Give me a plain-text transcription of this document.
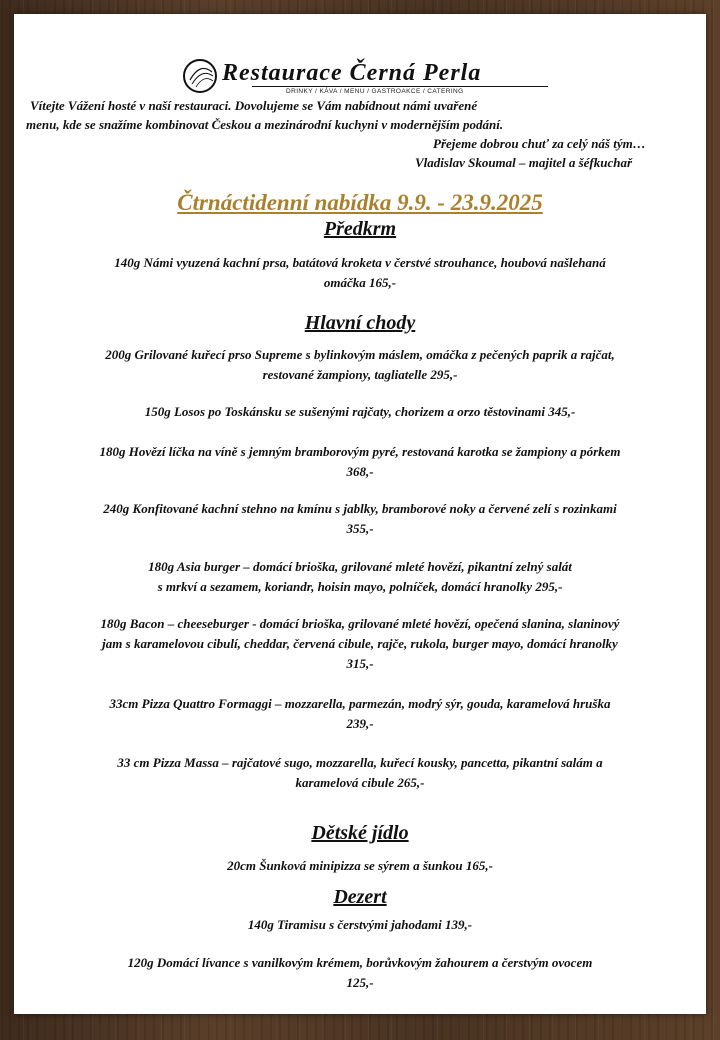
Restaurace Černá Perla
DRINKY / KÁVA / MENU / GASTROAKCE / CATERING
Vítejte Vážení hosté v naší restauraci. Dovolujeme se Vám nabídnout námi uvařené
menu, kde se snažíme kombinovat Českou a mezinárodní kuchyni v modernějším podání.
Přejeme dobrou chuť za celý náš tým…
Vladislav Skoumal – majitel a šéfkuchař
Čtrnáctidenní nabídka 9.9. - 23.9.2025
Předkrm
140g Námi vyuzená kachní prsa, batátová kroketa v čerstvé strouhance, houbová našlehaná
omáčka 165,-
Hlavní chody
200g Grilované kuřecí prso Supreme s bylinkovým máslem, omáčka z pečených paprik a rajčat,
restované žampiony, tagliatelle 295,-
150g Losos po Toskánsku se sušenými rajčaty, chorizem a orzo těstovinami 345,-
180g Hovězí líčka na víně s jemným bramborovým pyré, restovaná karotka se žampiony a pórkem
368,-
240g Konfitované kachní stehno na kmínu s jablky, bramborové noky a červené zelí s rozinkami
355,-
180g Asia burger – domácí brioška, grilované mleté hovězí, pikantní zelný salát
s mrkví a sezamem, koriandr, hoisin mayo, polníček, domácí hranolky 295,-
180g Bacon – cheeseburger - domácí brioška, grilované mleté hovězí, opečená slanina, slaninový
jam s karamelovou cibulí, cheddar, červená cibule, rajče, rukola, burger mayo, domácí hranolky
315,-
33cm Pizza Quattro Formaggi – mozzarella, parmezán, modrý sýr, gouda, karamelová hruška
239,-
33 cm Pizza Massa – rajčatové sugo, mozzarella, kuřecí kousky, pancetta, pikantní salám a
karamelová cibule 265,-
Dětské jídlo
20cm Šunková minipizza se sýrem a šunkou 165,-
Dezert
140g Tiramisu s čerstvými jahodami 139,-
120g Domácí lívance s vanilkovým krémem, borůvkovým žahourem a čerstvým ovocem
125,-
